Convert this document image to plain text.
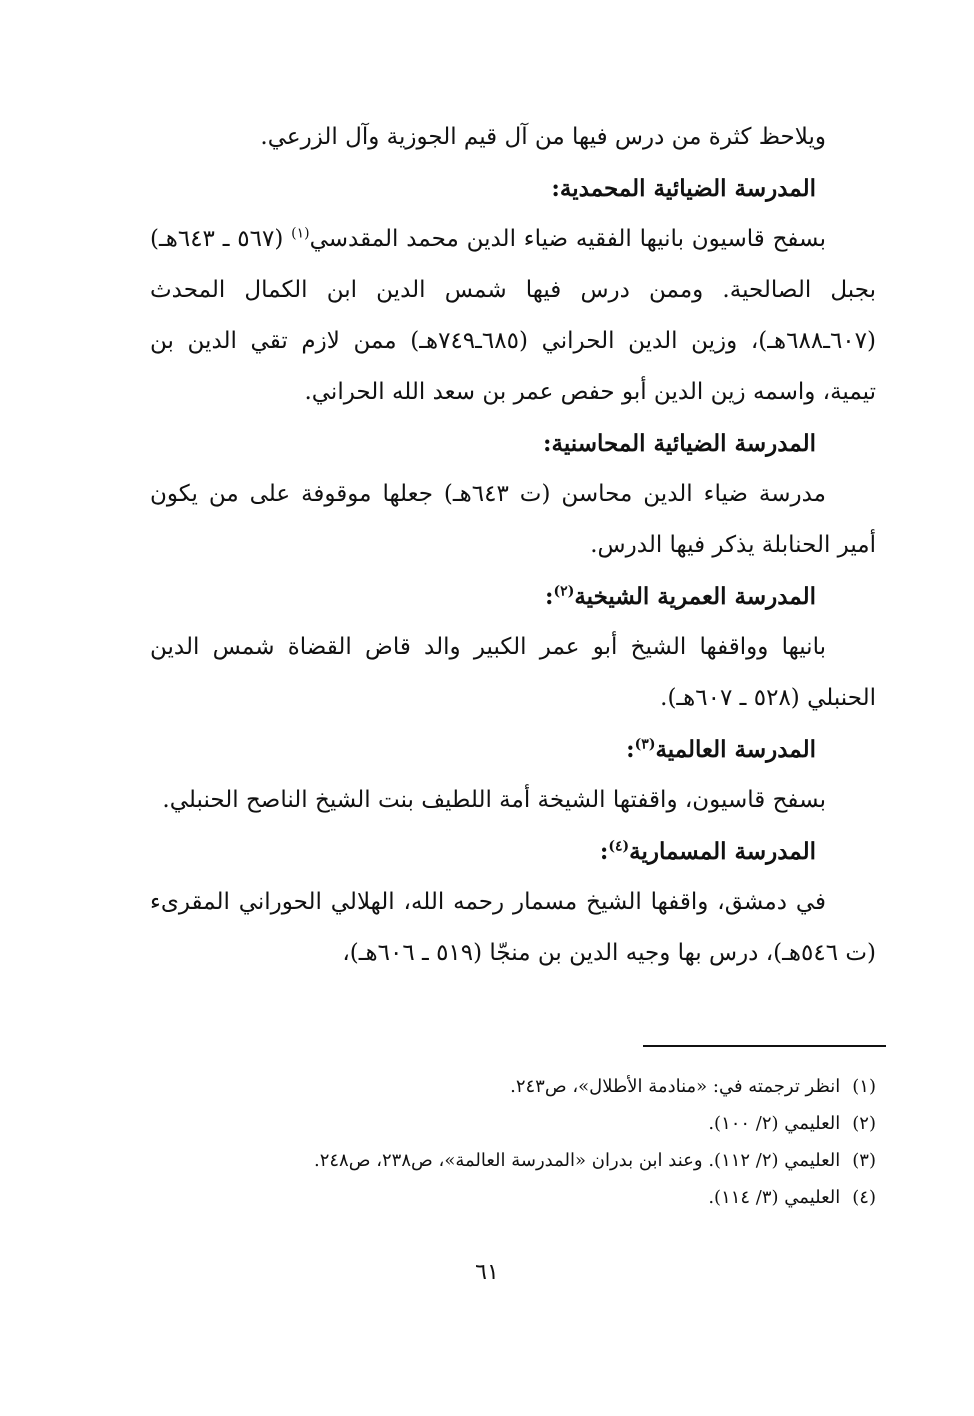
ويلاحظ كثرة من درس فيها من آل قيم الجوزية وآل الزرعي.

المدرسة الضيائية المحمدية:

بسفح قاسيون بانيها الفقيه ضياء الدين محمد المقدسي$^{(١)}$ (٥٦٧ ـ ٦٤٣هـ) بجبل الصالحية. وممن درس فيها شمس الدين ابن الكمال المحدث (٦٠٧ـ٦٨٨هـ)، وزين الدين الحراني (٦٨٥ـ٧٤٩هـ) ممن لازم تقي الدين بن تيمية، واسمه زين الدين أبو حفص عمر بن سعد الله الحراني.

المدرسة الضيائية المحاسنية:

مدرسة ضياء الدين محاسن (ت ٦٤٣هـ) جعلها موقوفة على من يكون أمير الحنابلة يذكر فيها الدرس.

المدرسة العمرية الشيخية$^{(٢)}$:

بانيها وواقفها الشيخ أبو عمر الكبير والد قاض القضاة شمس الدين الحنبلي (٥٢٨ ـ ٦٠٧هـ).

المدرسة العالمية$^{(٣)}$:

بسفح قاسيون، واقفتها الشيخة أمة اللطيف بنت الشيخ الناصح الحنبلي.

المدرسة المسمارية$^{(٤)}$:

في دمشق، واقفها الشيخ مسمار رحمه الله، الهلالي الحوراني المقرىء (ت ٥٤٦هـ)، درس بها وجيه الدين بن منجّا (٥١٩ ـ ٦٠٦هـ)،

(١)انظر ترجمته في: «منادمة الأطلال»، ص٢٤٣.

(٢)العليمي (٢/ ١٠٠).

(٣)العليمي (٢/ ١١٢). وعند ابن بدران «المدرسة العالمة»، ص٢٣٨، ص٢٤٨.

(٤)العليمي (٣/ ١١٤).

٦١
